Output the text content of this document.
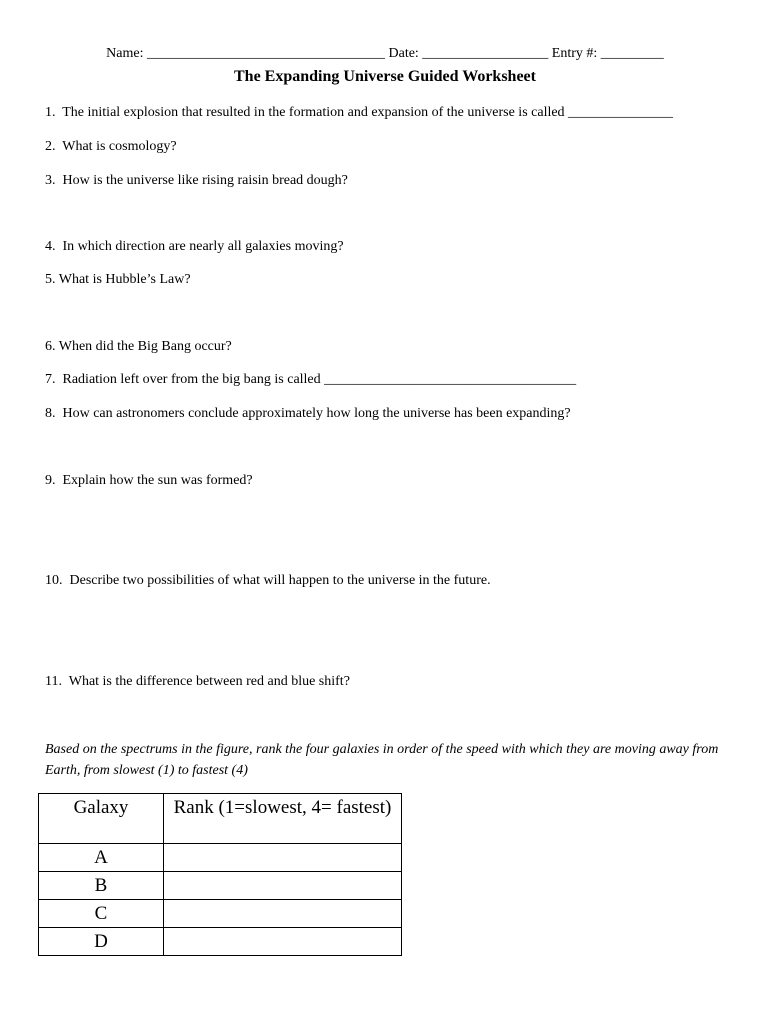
Name: __________________________________ Date: __________________ Entry #: _________
The Expanding Universe Guided Worksheet
1.  The initial explosion that resulted in the formation and expansion of the universe is called _______________
2.  What is cosmology?
3.  How is the universe like rising raisin bread dough?
4.  In which direction are nearly all galaxies moving?
5. What is Hubble’s Law?
6. When did the Big Bang occur?
7.  Radiation left over from the big bang is called ____________________________________
8.  How can astronomers conclude approximately how long the universe has been expanding?
9.  Explain how the sun was formed?
10.  Describe two possibilities of what will happen to the universe in the future.
11.  What is the difference between red and blue shift?
Based on the spectrums in the figure, rank the four galaxies in order of the speed with which they are moving away from Earth, from slowest (1) to fastest (4)
Galaxy	Rank (1=slowest, 4= fastest)
A	
B	
C	
D	
